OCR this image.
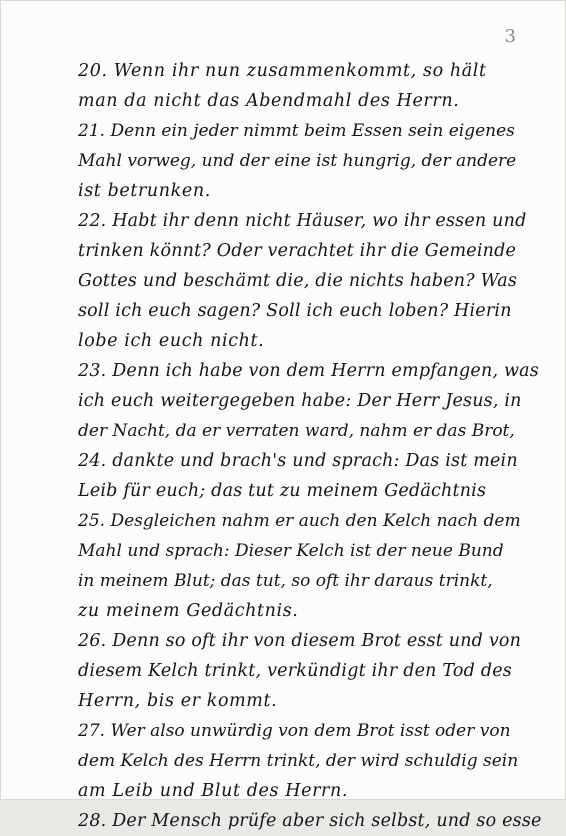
3

20. Wenn ihr nun zusammenkommt, so hält

man da nicht das Abendmahl des Herrn.

21. Denn ein jeder nimmt beim Essen sein eigenes

Mahl vorweg, und der eine ist hungrig, der andere

ist betrunken.

22. Habt ihr denn nicht Häuser, wo ihr essen und

trinken könnt? Oder verachtet ihr die Gemeinde

Gottes und beschämt die, die nichts haben? Was

soll ich euch sagen? Soll ich euch loben? Hierin

lobe ich euch nicht.

23. Denn ich habe von dem Herrn empfangen, was

ich euch weitergegeben habe: Der Herr Jesus, in

der Nacht, da er verraten ward, nahm er das Brot,

24. dankte und brach's und sprach: Das ist mein

Leib für euch; das tut zu meinem Gedächtnis

25. Desgleichen nahm er auch den Kelch nach dem

Mahl und sprach: Dieser Kelch ist der neue Bund

in meinem Blut; das tut, so oft ihr daraus trinkt,

zu meinem Gedächtnis.

26. Denn so oft ihr von diesem Brot esst und von

diesem Kelch trinkt, verkündigt ihr den Tod des

Herrn, bis er kommt.

27. Wer also unwürdig von dem Brot isst oder von

dem Kelch des Herrn trinkt, der wird schuldig sein

am Leib und Blut des Herrn.

28. Der Mensch prüfe aber sich selbst, und so esse
